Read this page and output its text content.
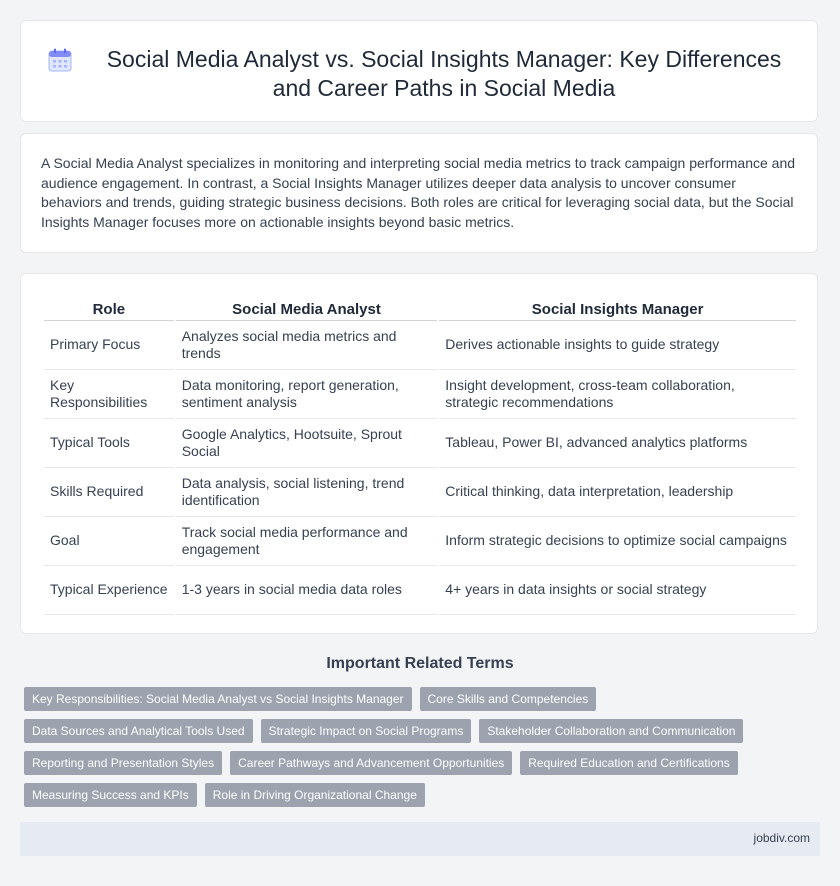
Social Media Analyst vs. Social Insights Manager: Key Differences and Career Paths in Social Media

A Social Media Analyst specializes in monitoring and interpreting social media metrics to track campaign performance and audience engagement. In contrast, a Social Insights Manager utilizes deeper data analysis to uncover consumer behaviors and trends, guiding strategic business decisions. Both roles are critical for leveraging social data, but the Social Insights Manager focuses more on actionable insights beyond basic metrics.

Role	Social Media Analyst	Social Insights Manager
Primary Focus	Analyzes social media metrics and trends	Derives actionable insights to guide strategy
Key Responsibilities	Data monitoring, report generation, sentiment analysis	Insight development, cross-team collaboration, strategic recommendations
Typical Tools	Google Analytics, Hootsuite, Sprout Social	Tableau, Power BI, advanced analytics platforms
Skills Required	Data analysis, social listening, trend identification	Critical thinking, data interpretation, leadership
Goal	Track social media performance and engagement	Inform strategic decisions to optimize social campaigns
Typical Experience	1-3 years in social media data roles	4+ years in data insights or social strategy
Important Related Terms
Key Responsibilities: Social Media Analyst vs Social Insights Manager	Core Skills and Competencies
Data Sources and Analytical Tools Used	Strategic Impact on Social Programs	Stakeholder Collaboration and Communication
Reporting and Presentation Styles	Career Pathways and Advancement Opportunities	Required Education and Certifications
Measuring Success and KPIs	Role in Driving Organizational Change
jobdiv.com
